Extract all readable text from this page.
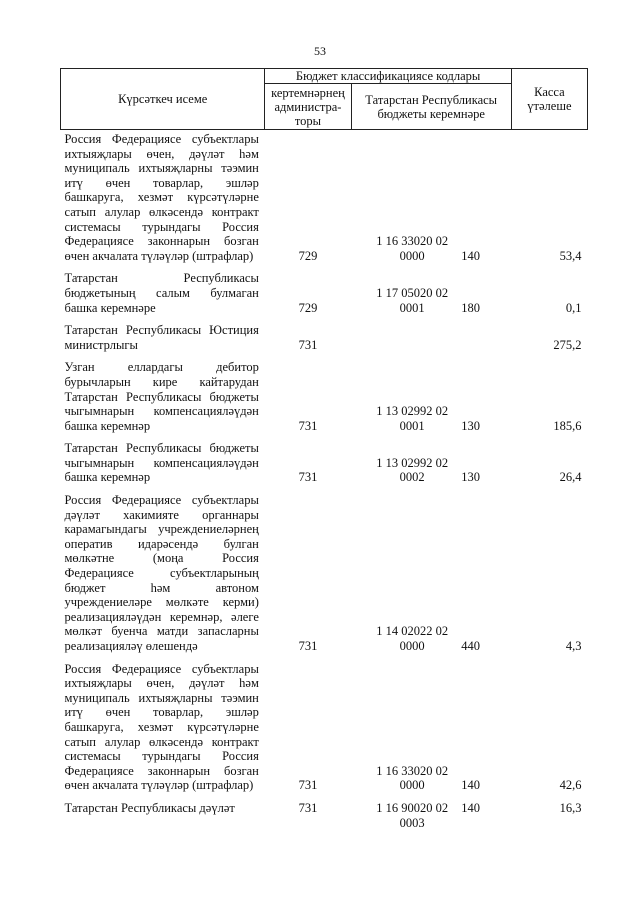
53
Күрсәткеч исеме	Бюджет классификациясе кодлары			Касса үтәлеше
	кертемнәрнең администра-торы	Татарстан Республикасы бюджеты керемнәре		
Россия Федерациясе субъектлары ихтыяҗлары өчен, дәүләт һәм муниципаль ихтыяҗларны тәэмин итү өчен товарлар, эшләр башкаруга, хезмәт күрсәтүләрне сатып алулар өлкәсендә контракт системасы турындагы Россия Федерациясе законнарын бозган өчен акчалата түләүләр (штрафлар)	729	1 16 33020 02 0000	140	53,4
Татарстан Республикасы бюджетының салым булмаган башка керемнәре	729	1 17 05020 02 0001	180	0,1
Татарстан Республикасы Юстиция министрлыгы	731			275,2
Узган еллардагы дебитор бурычларын кире кайтарудан Татарстан Республикасы бюджеты чыгымнарын компенсацияләүдән башка керемнәр	731	1 13 02992 02 0001	130	185,6
Татарстан Республикасы бюджеты чыгымнарын компенсацияләүдән башка керемнәр	731	1 13 02992 02 0002	130	26,4
Россия Федерациясе субъектлары дәүләт хакимияте органнары карамагындагы учреждениеләрнең оператив идарәсендә булган мөлкәтне (моңа Россия Федерациясе субъектларының бюджет һәм автоном учреждениеләре мөлкәте керми) реализацияләүдән керемнәр, әлеге мөлкәт буенча матди запасларны реализацияләү өлешендә	731	1 14 02022 02 0000	440	4,3
Россия Федерациясе субъектлары ихтыяҗлары өчен, дәүләт һәм муниципаль ихтыяҗларны тәэмин итү өчен товарлар, эшләр башкаруга, хезмәт күрсәтүләрне сатып алулар өлкәсендә контракт системасы турындагы Россия Федерациясе законнарын бозган өчен акчалата түләүләр (штрафлар)	731	1 16 33020 02 0000	140	42,6
Татарстан Республикасы дәүләт	731	1 16 90020 02 0003	140	16,3
